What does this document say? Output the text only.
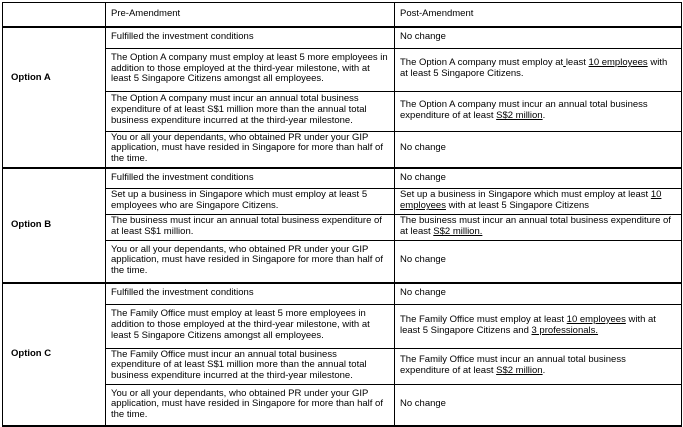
	Pre-Amendment	Post-Amendment
Option A	Fulfilled the investment conditions	No change
	The Option A company must employ at least 5 more employees in addition to those employed at the third-year milestone, with at least 5 Singapore Citizens amongst all employees.	The Option A company must employ at least 10 employees with at least 5 Singapore Citizens.
	The Option A company must incur an annual total business expenditure of at least S$1 million more than the annual total business expenditure incurred at the third-year milestone.	The Option A company must incur an annual total business expenditure of at least S$2 million.
	You or all your dependants, who obtained PR under your GIP application, must have resided in Singapore for more than half of the time.	No change
Option B	Fulfilled the investment conditions	No change
	Set up a business in Singapore which must employ at least 5 employees who are Singapore Citizens.	Set up a business in Singapore which must employ at least 10 employees with at least 5 Singapore Citizens
	The business must incur an annual total business expenditure of at least S$1 million.	The business must incur an annual total business expenditure of at least S$2 million.
	You or all your dependants, who obtained PR under your GIP application, must have resided in Singapore for more than half of the time.	No change
Option C	Fulfilled the investment conditions	No change
	The Family Office must employ at least 5 more employees in addition to those employed at the third-year milestone, with at least 5 Singapore Citizens amongst all employees.	The Family Office must employ at least 10 employees with at least 5 Singapore Citizens and 3 professionals.
	The Family Office must incur an annual total business expenditure of at least S$1 million more than the annual total business expenditure incurred at the third-year milestone.	The Family Office must incur an annual total business expenditure of at least S$2 million.
	You or all your dependants, who obtained PR under your GIP application, must have resided in Singapore for more than half of the time.	No change
